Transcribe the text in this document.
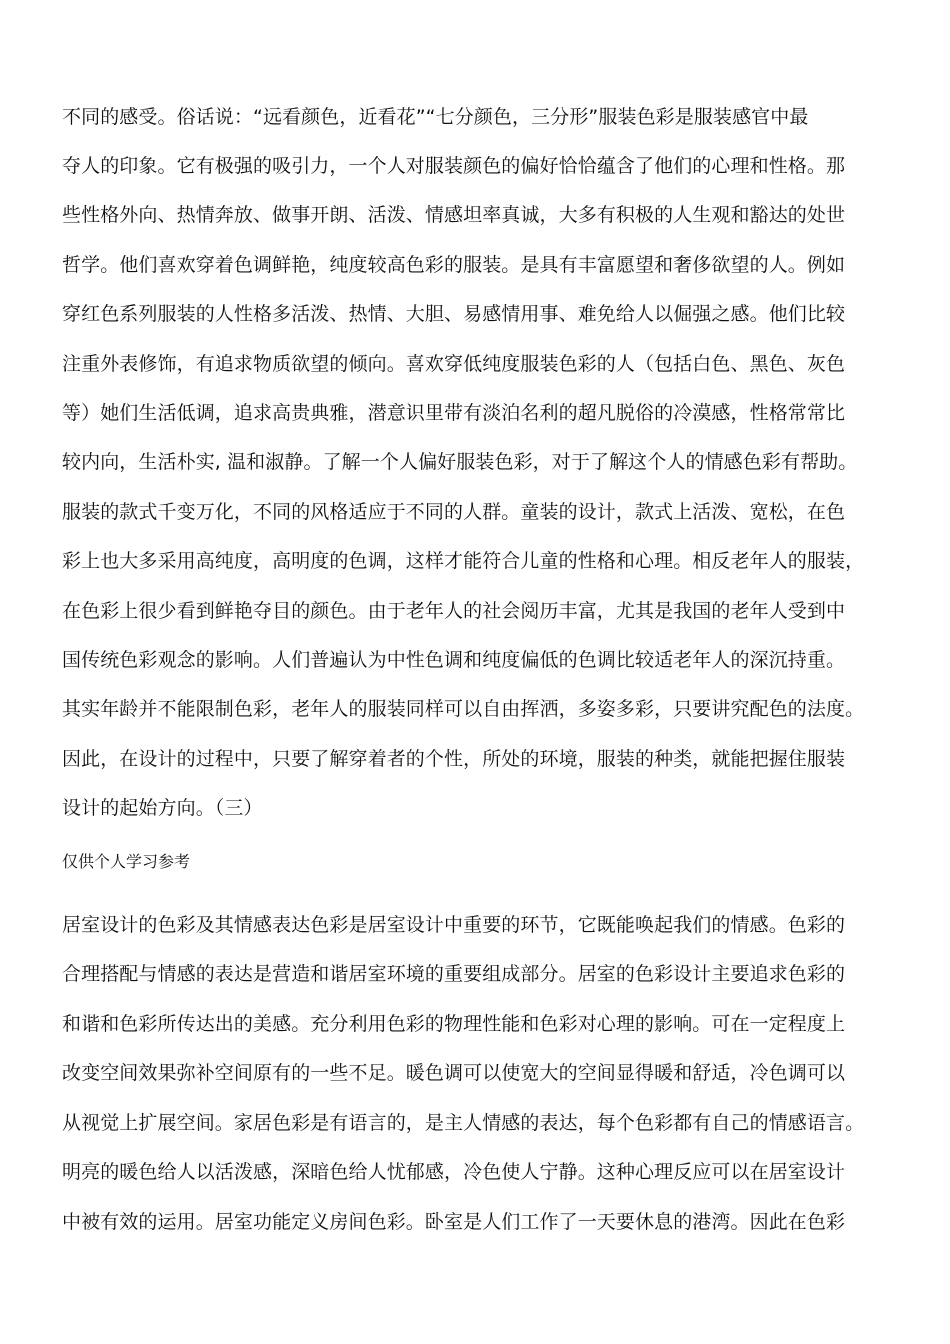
不同的感受。俗话说：“远看颜色，近看花”“七分颜色，三分形”服装色彩是服装感官中最
夺人的印象。它有极强的吸引力，一个人对服装颜色的偏好恰恰蕴含了他们的心理和性格。那
些性格外向、热情奔放、做事开朗、活泼、情感坦率真诚，大多有积极的人生观和豁达的处世
哲学。他们喜欢穿着色调鲜艳，纯度较高色彩的服装。是具有丰富愿望和奢侈欲望的人。例如
穿红色系列服装的人性格多活泼、热情、大胆、易感情用事、难免给人以倔强之感。他们比较
注重外表修饰，有追求物质欲望的倾向。喜欢穿低纯度服装色彩的人（包括白色、黑色、灰色
等）她们生活低调，追求高贵典雅，潜意识里带有淡泊名利的超凡脱俗的冷漠感，性格常常比
较内向，生活朴实, 温和淑静。了解一个人偏好服装色彩，对于了解这个人的情感色彩有帮助。
服装的款式千变万化，不同的风格适应于不同的人群。童装的设计，款式上活泼、宽松，在色
彩上也大多采用高纯度，高明度的色调，这样才能符合儿童的性格和心理。相反老年人的服装，
在色彩上很少看到鲜艳夺目的颜色。由于老年人的社会阅历丰富，尤其是我国的老年人受到中
国传统色彩观念的影响。人们普遍认为中性色调和纯度偏低的色调比较适老年人的深沉持重。
其实年龄并不能限制色彩，老年人的服装同样可以自由挥洒，多姿多彩，只要讲究配色的法度。
因此，在设计的过程中，只要了解穿着者的个性，所处的环境，服装的种类，就能把握住服装
设计的起始方向。（三）
仅供个人学习参考
居室设计的色彩及其情感表达色彩是居室设计中重要的环节，它既能唤起我们的情感。色彩的
合理搭配与情感的表达是营造和谐居室环境的重要组成部分。居室的色彩设计主要追求色彩的
和谐和色彩所传达出的美感。充分利用色彩的物理性能和色彩对心理的影响。可在一定程度上
改变空间效果弥补空间原有的一些不足。暖色调可以使宽大的空间显得暖和舒适，冷色调可以
从视觉上扩展空间。家居色彩是有语言的，是主人情感的表达，每个色彩都有自己的情感语言。
明亮的暖色给人以活泼感，深暗色给人忧郁感，冷色使人宁静。这种心理反应可以在居室设计
中被有效的运用。居室功能定义房间色彩。卧室是人们工作了一天要休息的港湾。因此在色彩
